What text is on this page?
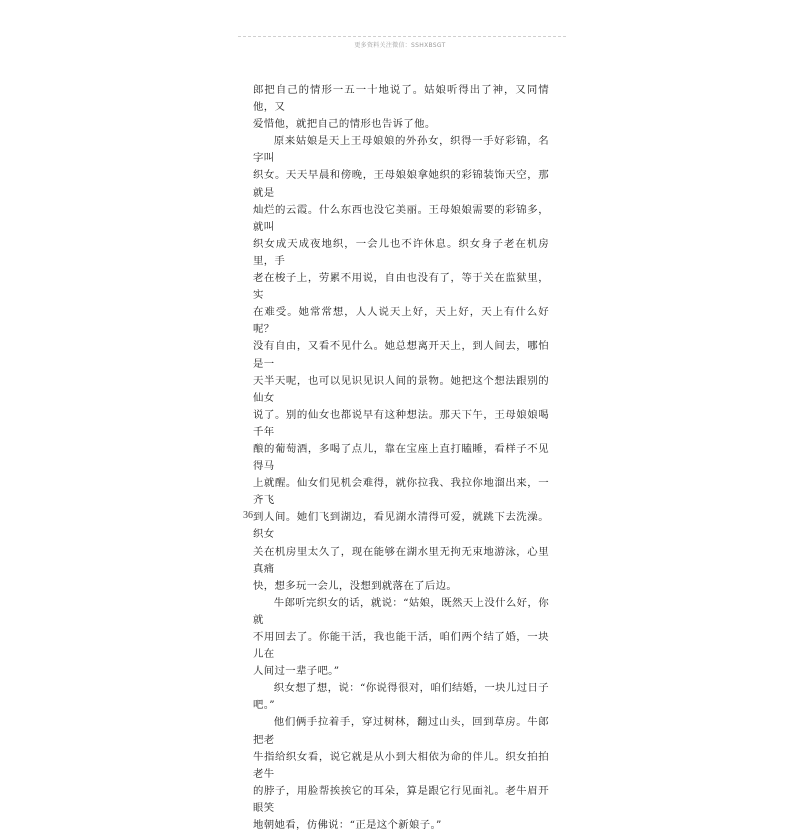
更多资料关注微信：SSHXBSGT

郎把自己的情形一五一十地说了。姑娘听得出了神，又同情他，又
爱惜他，就把自己的情形也告诉了他。

原来姑娘是天上王母娘娘的外孙女，织得一手好彩锦，名字叫
织女。天天早晨和傍晚，王母娘娘拿她织的彩锦装饰天空，那就是
灿烂的云霞。什么东西也没它美丽。王母娘娘需要的彩锦多，就叫
织女成天成夜地织，一会儿也不许休息。织女身子老在机房里，手
老在梭子上，劳累不用说，自由也没有了，等于关在监狱里，实
在难受。她常常想，人人说天上好，天上好，天上有什么好呢？
没有自由，又看不见什么。她总想离开天上，到人间去，哪怕是一
天半天呢，也可以见识见识人间的景物。她把这个想法跟别的仙女
说了。别的仙女也都说早有这种想法。那天下午，王母娘娘喝千年
酿的葡萄酒，多喝了点儿，靠在宝座上直打瞌睡，看样子不见得马
上就醒。仙女们见机会难得，就你拉我、我拉你地溜出来，一齐飞
到人间。她们飞到湖边，看见湖水清得可爱，就跳下去洗澡。织女
关在机房里太久了，现在能够在湖水里无拘无束地游泳，心里真痛
快，想多玩一会儿，没想到就落在了后边。

牛郎听完织女的话，就说：“姑娘，既然天上没什么好，你就
不用回去了。你能干活，我也能干活，咱们两个结了婚，一块儿在
人间过一辈子吧。”

织女想了想，说：“你说得很对，咱们结婚，一块儿过日子吧。”

他们俩手拉着手，穿过树林，翻过山头，回到草房。牛郎把老
牛指给织女看，说它就是从小到大相依为命的伴儿。织女拍拍老牛
的脖子，用脸帮挨挨它的耳朵，算是跟它行见面礼。老牛眉开眼笑
地朝她看，仿佛说：“正是这个新娘子。”

36
